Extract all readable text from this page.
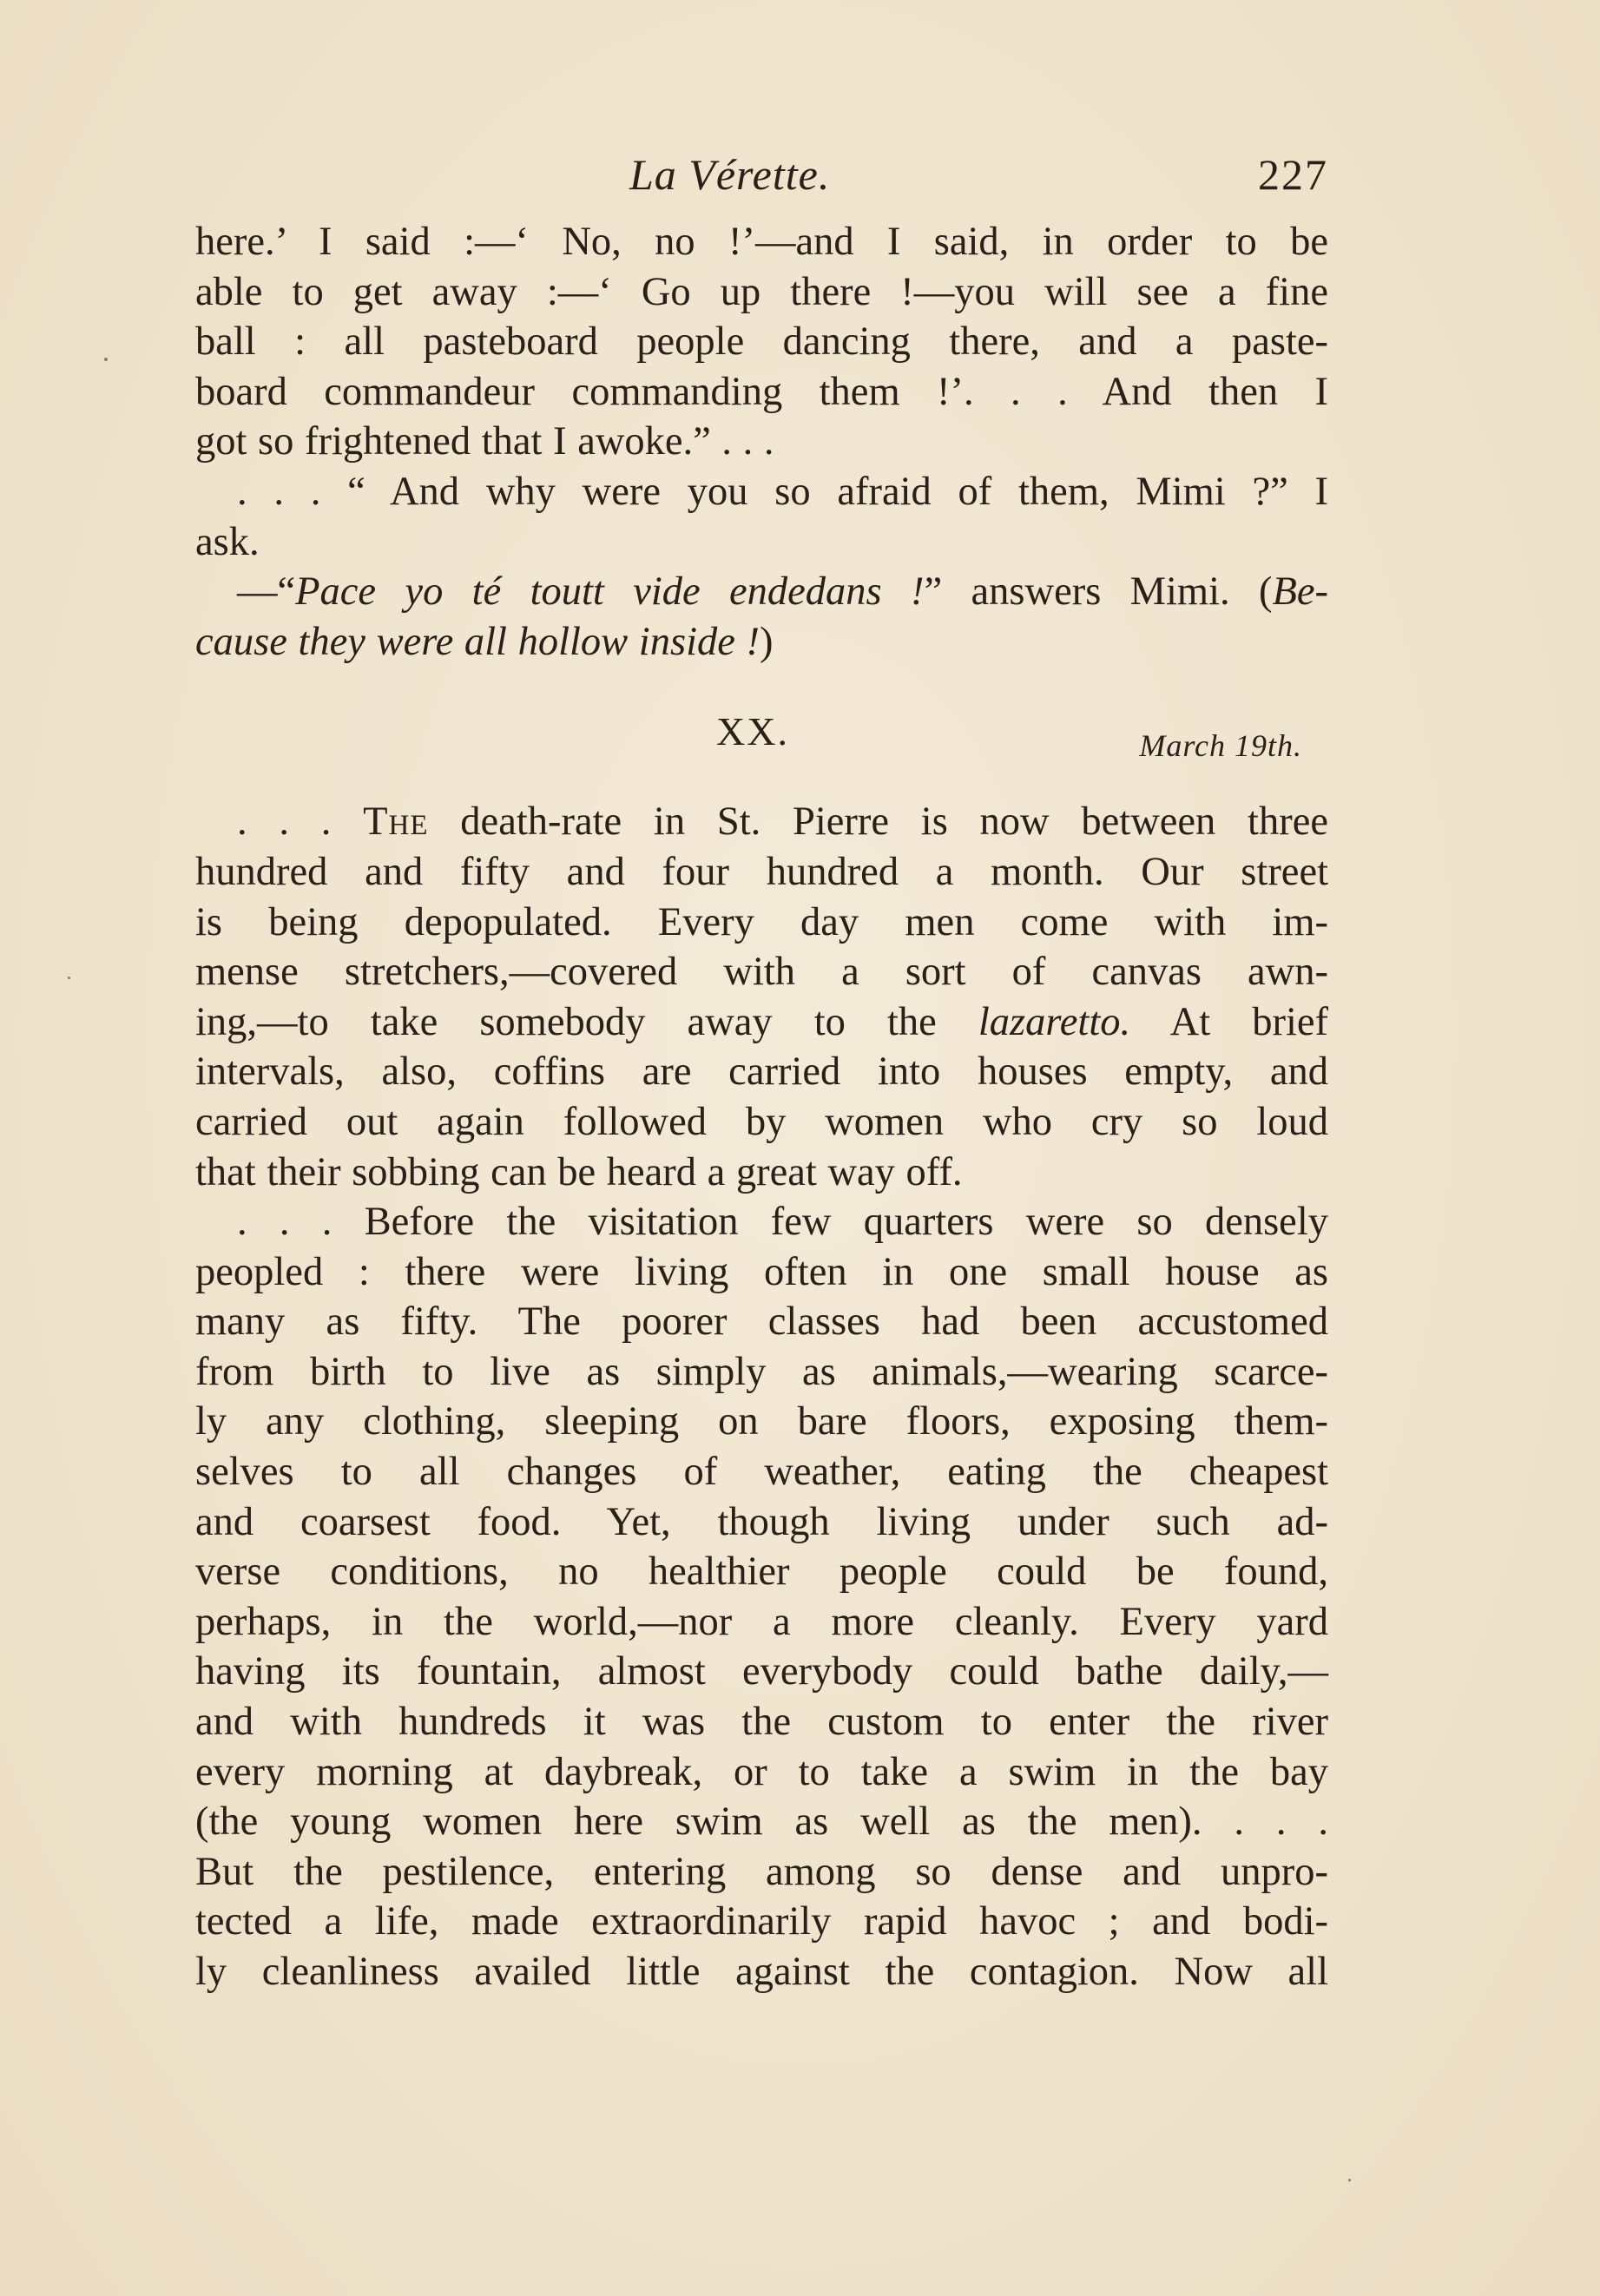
La Vérette.	227

here.’ I said :—‘ No, no !’—and I said, in order to be
able to get away :—‘ Go up there !—you will see a fine
ball : all pasteboard people dancing there, and a paste-
board commandeur commanding them !’. . . And then I
got so frightened that I awoke.” . . .

. . . “ And why were you so afraid of them, Mimi ?” I
ask.

—“Pace yo té toutt vide endedans !” answers Mimi. (Be-
cause they were all hollow inside !)

XX.	March 19th.

. . . The death-rate in St. Pierre is now between three
hundred and fifty and four hundred a month. Our street
is being depopulated. Every day men come with im-
mense stretchers,—covered with a sort of canvas awn-
ing,—to take somebody away to the lazaretto. At brief
intervals, also, coffins are carried into houses empty, and
carried out again followed by women who cry so loud
that their sobbing can be heard a great way off.

. . . Before the visitation few quarters were so densely
peopled : there were living often in one small house as
many as fifty. The poorer classes had been accustomed
from birth to live as simply as animals,—wearing scarce-
ly any clothing, sleeping on bare floors, exposing them-
selves to all changes of weather, eating the cheapest
and coarsest food. Yet, though living under such ad-
verse conditions, no healthier people could be found,
perhaps, in the world,—nor a more cleanly. Every yard
having its fountain, almost everybody could bathe daily,—
and with hundreds it was the custom to enter the river
every morning at daybreak, or to take a swim in the bay
(the young women here swim as well as the men). . . .
But the pestilence, entering among so dense and unpro-
tected a life, made extraordinarily rapid havoc ; and bodi-
ly cleanliness availed little against the contagion. Now all
